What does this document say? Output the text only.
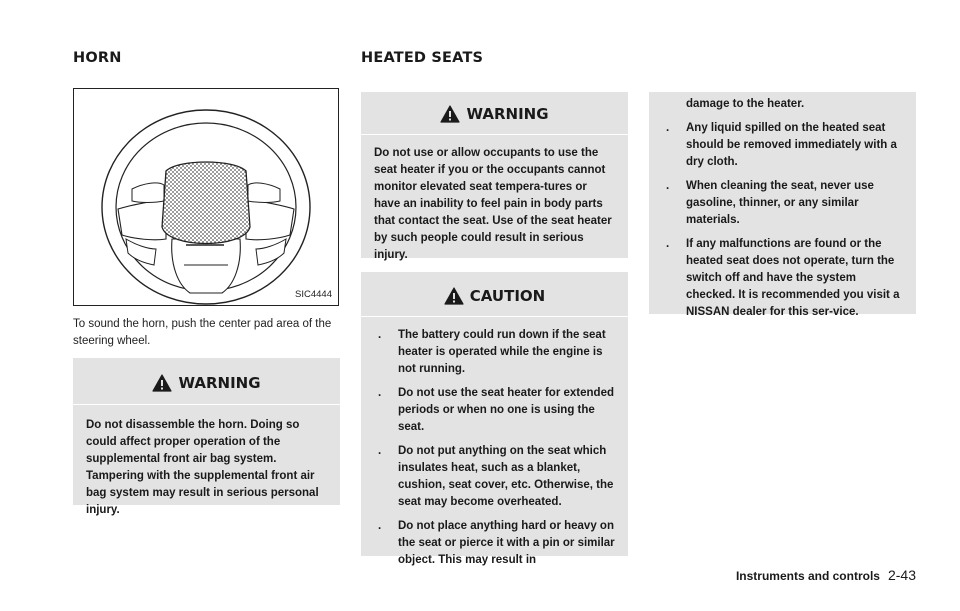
HORN	HEATED SEATS
SIC4444
To sound the horn, push the center pad area of the steering wheel.
WARNING
Do not disassemble the horn. Doing so could affect proper operation of the supplemental front air bag system. Tampering with the supplemental front air bag system may result in serious personal injury.
WARNING
Do not use or allow occupants to use the seat heater if you or the occupants cannot monitor elevated seat tempera-tures or have an inability to feel pain in body parts that contact the seat. Use of the seat heater by such people could result in serious injury.
CAUTION
. The battery could run down if the seat heater is operated while the engine is not running.
. Do not use the seat heater for extended periods or when no one is using the seat.
. Do not put anything on the seat which insulates heat, such as a blanket, cushion, seat cover, etc. Otherwise, the seat may become overheated.
. Do not place anything hard or heavy on the seat or pierce it with a pin or similar object. This may result in
damage to the heater.
. Any liquid spilled on the heated seat should be removed immediately with a dry cloth.
. When cleaning the seat, never use gasoline, thinner, or any similar materials.
. If any malfunctions are found or the heated seat does not operate, turn the switch off and have the system checked. It is recommended you visit a NISSAN dealer for this ser-vice.
Instruments and controls 2-43
